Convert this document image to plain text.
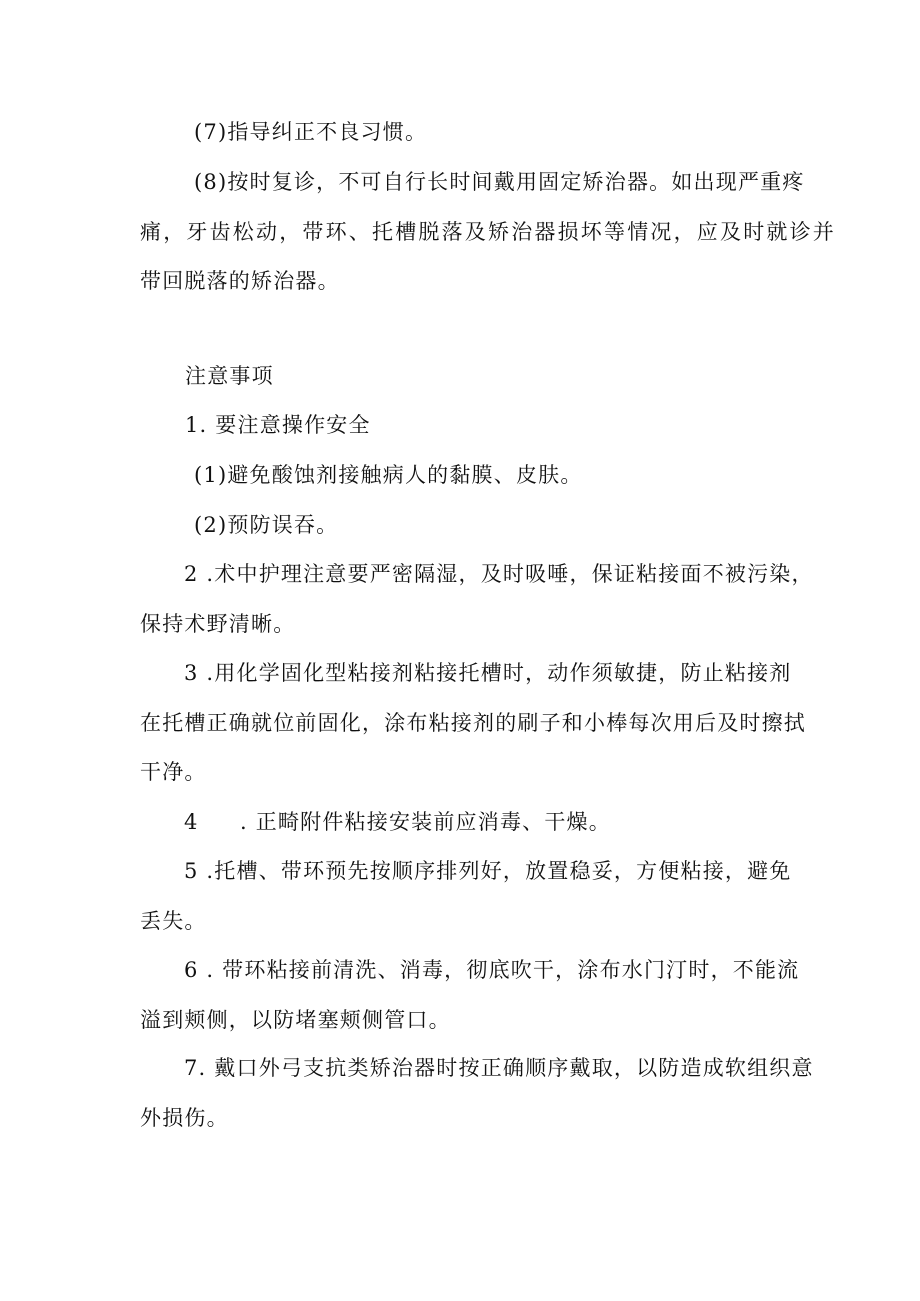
(7)指导纠正不良习惯。
(8)按时复诊，不可自行长时间戴用固定矫治器。如出现严重疼
痛，牙齿松动，带环、托槽脱落及矫治器损坏等情况，应及时就诊并
带回脱落的矫治器。
注意事项
1. 要注意操作安全
(1)避免酸蚀剂接触病人的黏膜、皮肤。
(2)预防误吞。
2 .术中护理注意要严密隔湿，及时吸唾，保证粘接面不被污染，
保持术野清晰。
3 .用化学固化型粘接剂粘接托槽时，动作须敏捷，防止粘接剂
在托槽正确就位前固化，涂布粘接剂的刷子和小棒每次用后及时擦拭
干净。
4 . 正畸附件粘接安装前应消毒、干燥。
5 .托槽、带环预先按顺序排列好，放置稳妥，方便粘接，避免
丢失。
6 . 带环粘接前清洗、消毒，彻底吹干，涂布水门汀时，不能流
溢到颊侧，以防堵塞颊侧管口。
7. 戴口外弓支抗类矫治器时按正确顺序戴取，以防造成软组织意
外损伤。
